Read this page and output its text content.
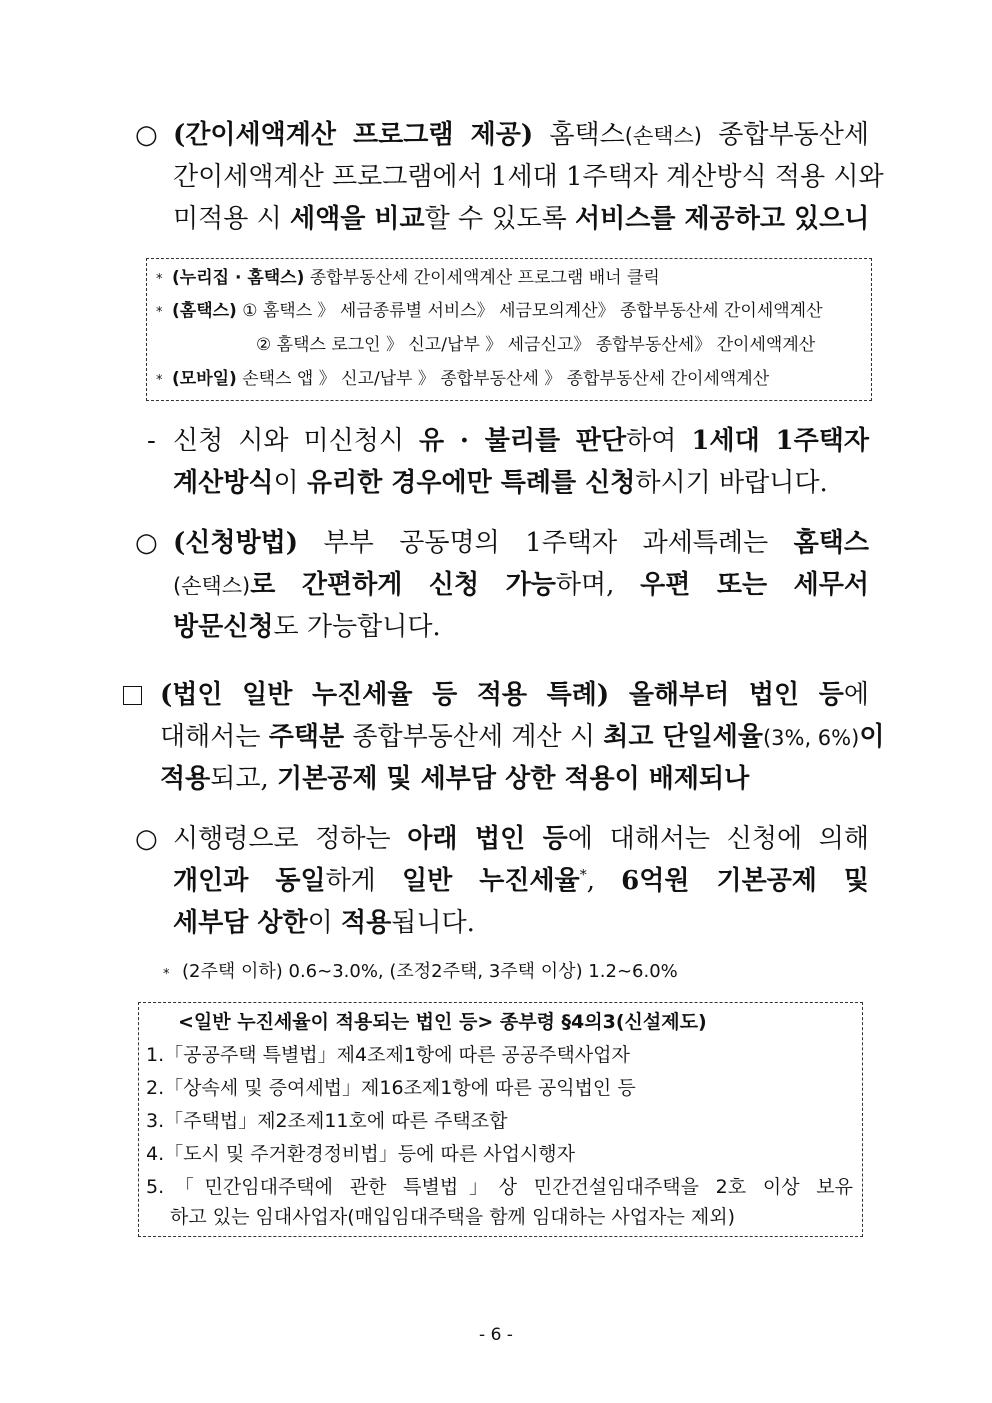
○ (간이세액계산 프로그램 제공) 홈택스(손택스) 종합부동산세
간이세액계산 프로그램에서 1세대 1주택자 계산방식 적용 시와
미적용 시 세액을 비교할 수 있도록 서비스를 제공하고 있으니
* (누리집 · 홈택스) 종합부동산세 간이세액계산 프로그램 배너 클릭
* (홈택스) ① 홈택스 》 세금종류별 서비스》 세금모의계산》 종합부동산세 간이세액계산
② 홈택스 로그인 》 신고/납부 》 세금신고》 종합부동산세》 간이세액계산
* (모바일) 손택스 앱 》 신고/납부 》 종합부동산세 》 종합부동산세 간이세액계산
- 신청 시와 미신청시 유 · 불리를 판단하여 1세대 1주택자
계산방식이 유리한 경우에만 특례를 신청하시기 바랍니다.
○ (신청방법) 부부 공동명의 1주택자 과세특례는 홈택스
(손택스)로 간편하게 신청 가능하며, 우편 또는 세무서
방문신청도 가능합니다.
(법인 일반 누진세율 등 적용 특례) 올해부터 법인 등에
대해서는 주택분 종합부동산세 계산 시 최고 단일세율(3%, 6%)이
적용되고, 기본공제 및 세부담 상한 적용이 배제되나
○ 시행령으로 정하는 아래 법인 등에 대해서는 신청에 의해
개인과 동일하게 일반 누진세율*, 6억원 기본공제 및
세부담 상한이 적용됩니다.
* (2주택 이하) 0.6∼3.0%, (조정2주택, 3주택 이상) 1.2∼6.0%
<일반 누진세율이 적용되는 법인 등> 종부령 §4의3(신설제도)
1.「공공주택 특별법」제4조제1항에 따른 공공주택사업자
2.「상속세 및 증여세법」제16조제1항에 따른 공익법인 등
3.「주택법」제2조제11호에 따른 주택조합
4.「도시 및 주거환경정비법」등에 따른 사업시행자
5.「민간임대주택에 관한 특별법」상 민간건설임대주택을 2호 이상 보유
하고 있는 임대사업자(매입임대주택을 함께 임대하는 사업자는 제외)
- 6 -
